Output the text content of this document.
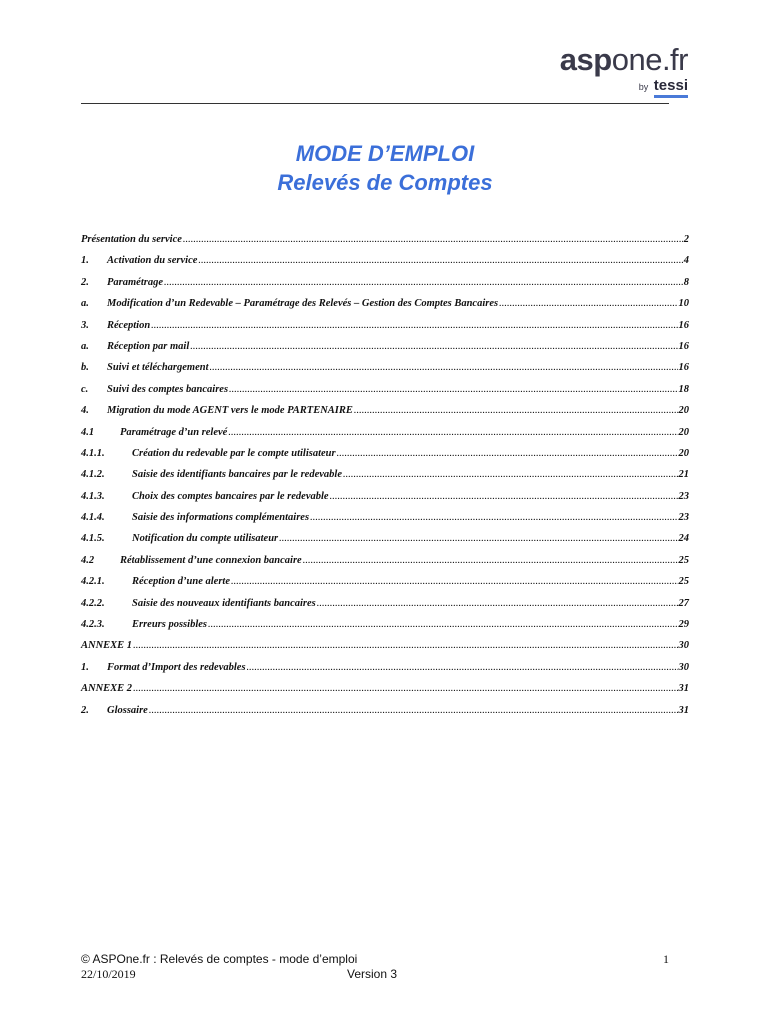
aspone.fr
by tessi
MODE D’EMPLOI
Relevés de Comptes
Présentation du service .....	2
1.	Activation du service .....	4
2.	Paramétrage .....	8
a.	Modification d’un Redevable – Paramétrage des Relevés – Gestion des Comptes Bancaires .....	10
3.	Réception .....	16
a.	Réception par mail .....	16
b.	Suivi et téléchargement .....	16
c.	Suivi des comptes bancaires .....	18
4.	Migration du mode AGENT vers le mode PARTENAIRE .....	20
4.1	Paramétrage d’un relevé .....	20
4.1.1.	Création du redevable par le compte utilisateur .....	20
4.1.2.	Saisie des identifiants bancaires par le redevable .....	21
4.1.3.	Choix des comptes bancaires par le redevable .....	23
4.1.4.	Saisie des informations complémentaires .....	23
4.1.5.	Notification du compte utilisateur .....	24
4.2	Rétablissement d’une connexion bancaire .....	25
4.2.1.	Réception d’une alerte .....	25
4.2.2.	Saisie des nouveaux identifiants bancaires .....	27
4.2.3.	Erreurs possibles .....	29
ANNEXE 1 .....	30
1.	Format d’Import des redevables .....	30
ANNEXE 2 .....	31
2.	Glossaire .....	31
© ASPOne.fr : Relevés de comptes - mode d’emploi
22/10/2019	Version 3
1
